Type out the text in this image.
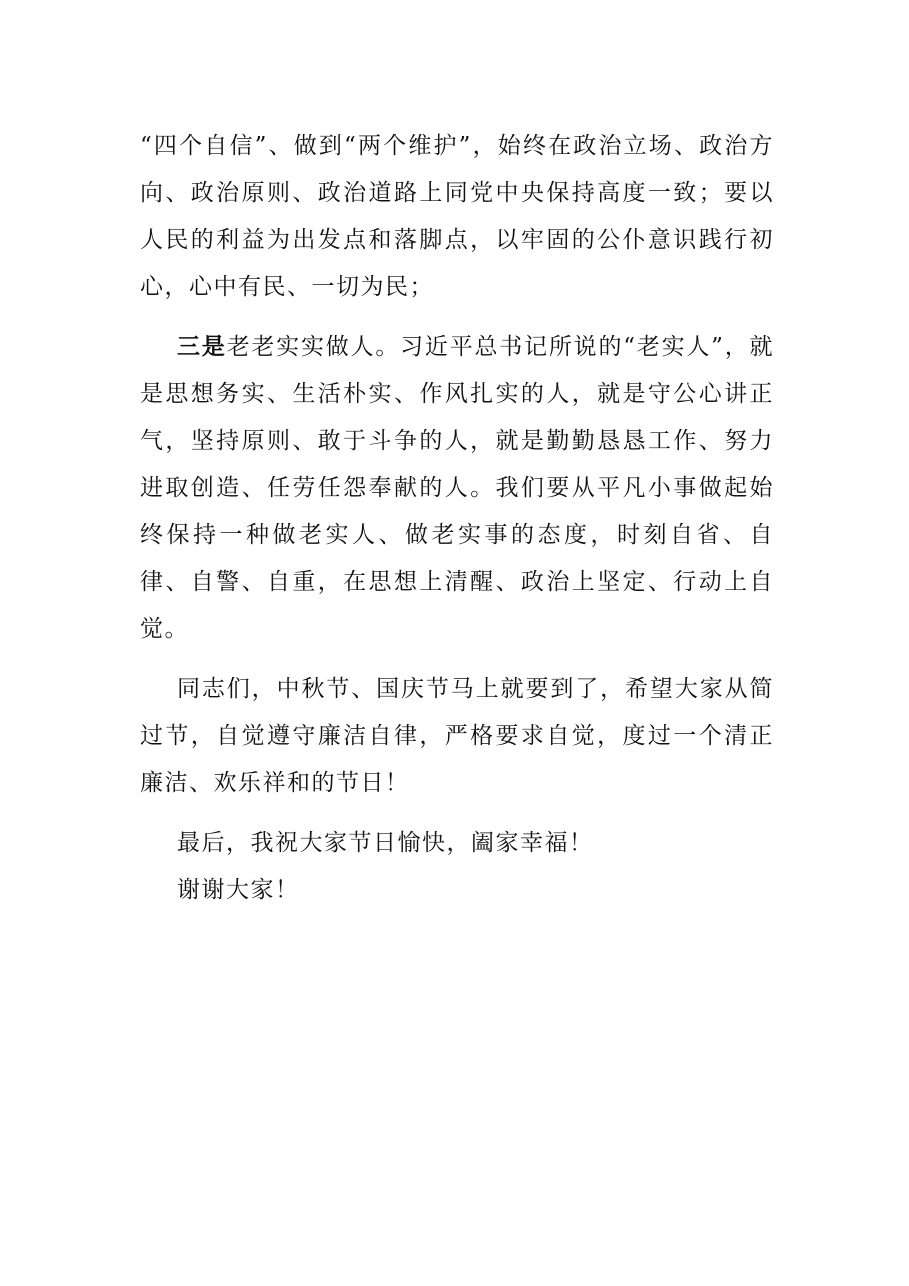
“四个自信”、做到“两个维护”，始终在政治立场、政治方向、政治原则、政治道路上同党中央保持高度一致；要以人民的利益为出发点和落脚点，以牢固的公仆意识践行初心，心中有民、一切为民；

三是老老实实做人。习近平总书记所说的“老实人”，就是思想务实、生活朴实、作风扎实的人，就是守公心讲正气，坚持原则、敢于斗争的人，就是勤勤恳恳工作、努力进取创造、任劳任怨奉献的人。我们要从平凡小事做起始终保持一种做老实人、做老实事的态度，时刻自省、自律、自警、自重，在思想上清醒、政治上坚定、行动上自觉。

同志们，中秋节、国庆节马上就要到了，希望大家从简过节，自觉遵守廉洁自律，严格要求自觉，度过一个清正廉洁、欢乐祥和的节日！

最后，我祝大家节日愉快，阖家幸福！

谢谢大家！
